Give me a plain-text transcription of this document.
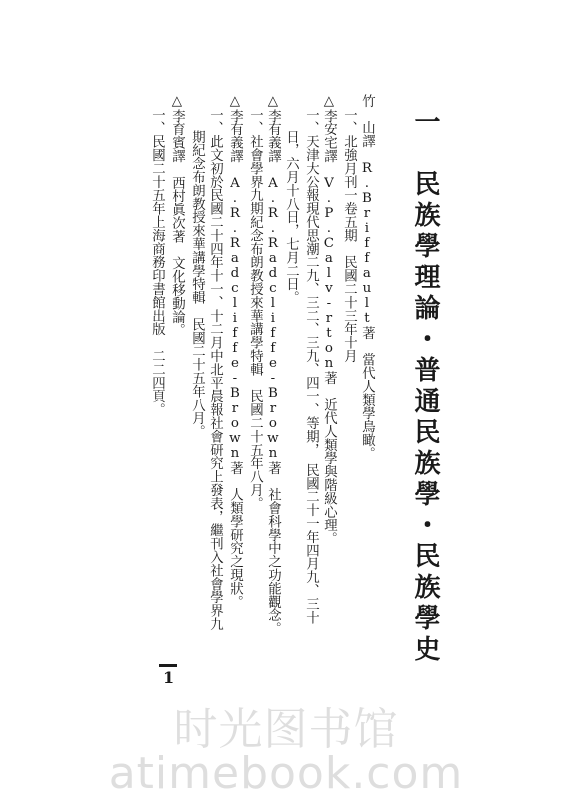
一　民族學理論・普通民族學・民族學史
竹　山譯　R.Briffault著　當代人類學鳥瞰。
一、北強月刊一卷五期　民國二十三年十月
△李安宅譯　V.P.Calv-rton著　近代人類學與階級心理。
一、天津大公報現代思潮二九、三二、三九、四一、等期，　民國二十一年四月九、三十
日，六月十八日，七月二日。
△李有義譯　A.R.Radcliffe-Brown著　社會科學中之功能觀念。
一、社會學界九期紀念布朗教授來華講學特輯　民國二十五年八月。
△李有義譯　A.R.Radcliffe-Brown著　人類學研究之現狀。
一、此文初於民國二十四年十一、十二月中北平晨報社會研究上發表，繼刊入社會學界九
期紀念布朗教授來華講學特輯　民國二十五年八月。
△李育賓譯　西村眞次著　文化移動論。
一、民國二十五年上海商務印書館出版　二二四頁。
1
时光图书馆atimebook.com
